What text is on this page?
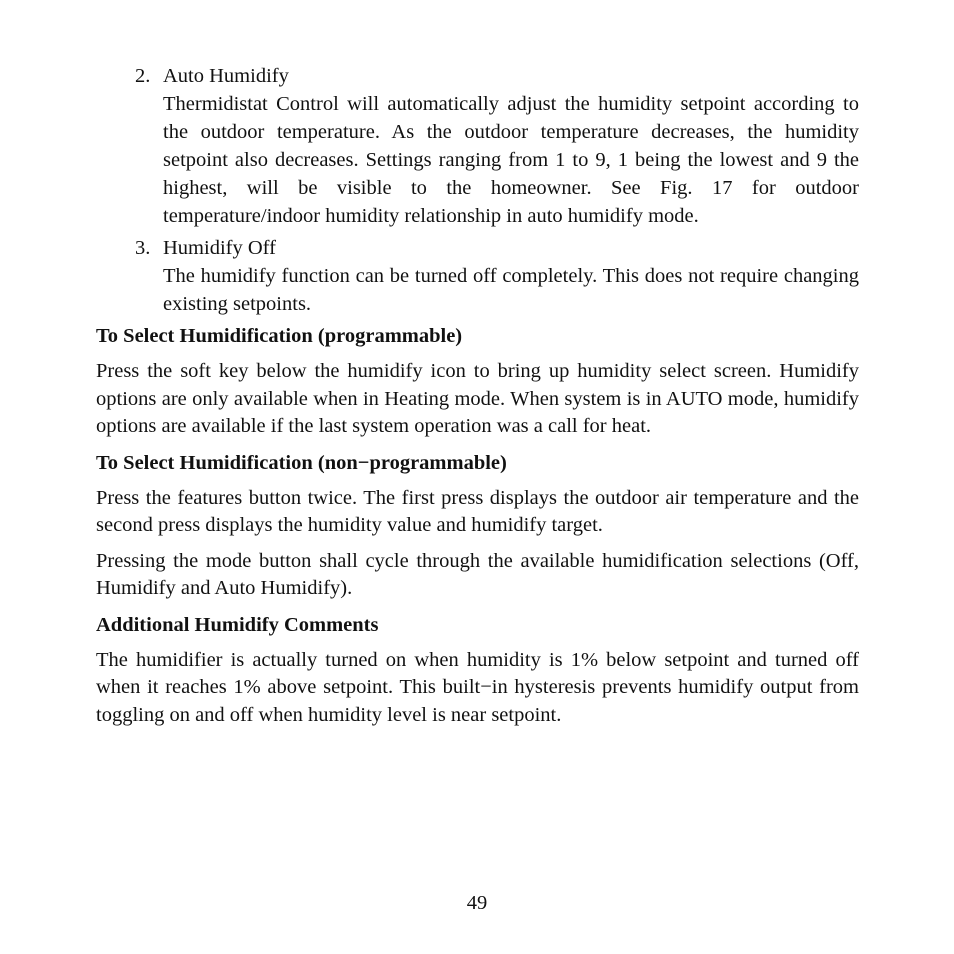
2. Auto Humidify

Thermidistat Control will automatically adjust the humidity setpoint according to the outdoor temperature. As the outdoor temperature decreases, the humidity setpoint also decreases. Settings ranging from 1 to 9, 1 being the lowest and 9 the highest, will be visible to the homeowner. See Fig. 17 for outdoor temperature/indoor humidity relationship in auto humidify mode.

3. Humidify Off

The humidify function can be turned off completely. This does not require changing existing setpoints.

To Select Humidification (programmable)

Press the soft key below the humidify icon to bring up humidity select screen. Humidify options are only available when in Heating mode. When system is in AUTO mode, humidify options are available if the last system operation was a call for heat.

To Select Humidification (non−programmable)

Press the features button twice. The first press displays the outdoor air temperature and the second press displays the humidity value and humidify target.

Pressing the mode button shall cycle through the available humidification selections (Off, Humidify and Auto Humidify).

Additional Humidify Comments

The humidifier is actually turned on when humidity is 1% below setpoint and turned off when it reaches 1% above setpoint. This built−in hysteresis prevents humidify output from toggling on and off when humidity level is near setpoint.

49
